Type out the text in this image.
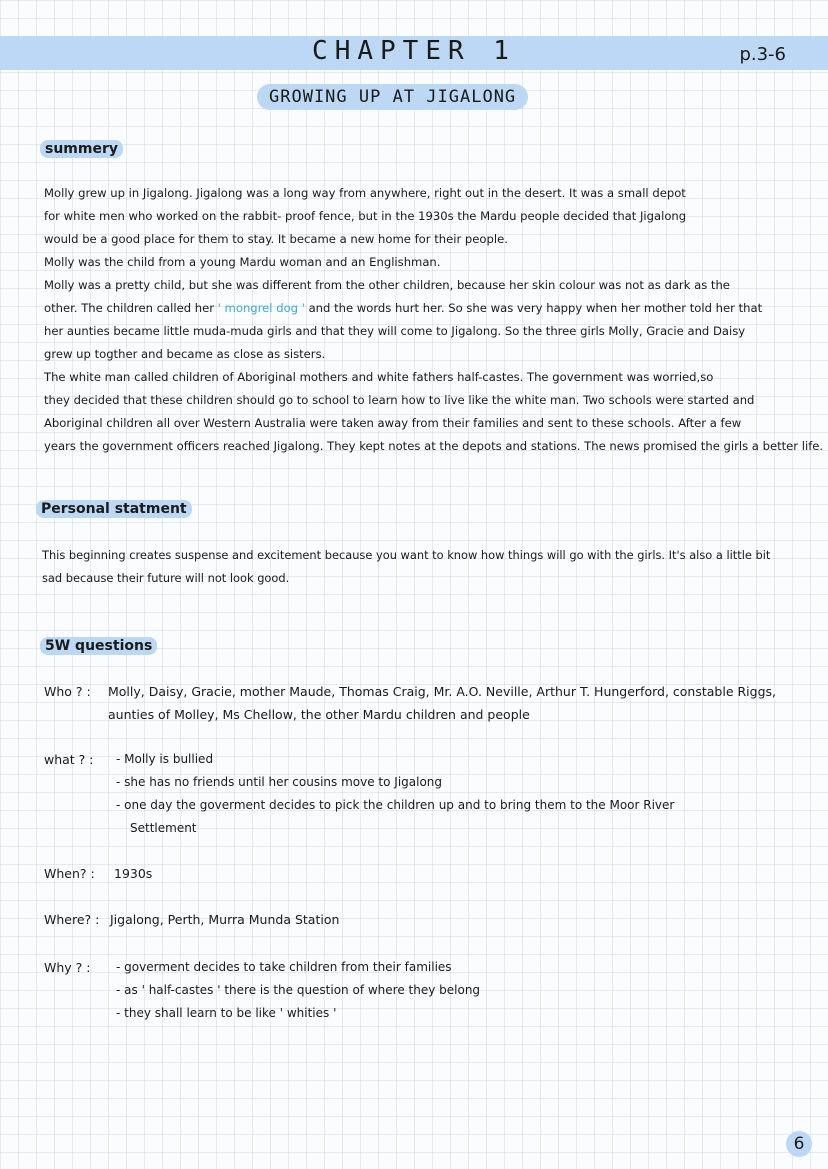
CHAPTER 1	p.3-6
GROWING UP AT JIGALONG
summery
Molly grew up in Jigalong. Jigalong was a long way from anywhere, right out in the desert. It was a small depot
for white men who worked on the rabbit- proof fence, but in the 1930s the Mardu people decided that Jigalong
would be a good place for them to stay. It became a new home for their people.
Molly was the child from a young Mardu woman and an Englishman.
Molly was a pretty child, but she was different from the other children, because her skin colour was not as dark as the
other. The children called her ' mongrel dog ' and the words hurt her. So she was very happy when her mother told her that
her aunties became little muda-muda girls and that they will come to Jigalong. So the three girls Molly, Gracie and Daisy
grew up togther and became as close as sisters.
The white man called children of Aboriginal mothers and white fathers half-castes. The government was worried,so
they decided that these children should go to school to learn how to live like the white man. Two schools were started and
Aboriginal children all over Western Australia were taken away from their families and sent to these schools. After a few
years the government officers reached Jigalong. They kept notes at the depots and stations. The news promised the girls a better life.
Personal statment
This beginning creates suspense and excitement because you want to know how things will go with the girls. It's also a little bit
sad because their future will not look good.
5W questions
Who ? : Molly, Daisy, Gracie, mother Maude, Thomas Craig, Mr. A.O. Neville, Arthur T. Hungerford, constable Riggs,
aunties of Molley, Ms Chellow, the other Mardu children and people
what ? :	- Molly is bullied
- she has no friends until her cousins move to Jigalong
- one day the goverment decides to pick the children up and to bring them to the Moor River
Settlement
When? : 1930s
Where? : Jigalong, Perth, Murra Munda Station
Why ? :	- goverment decides to take children from their families
- as ' half-castes ' there is the question of where they belong
- they shall learn to be like ' whities '
6
